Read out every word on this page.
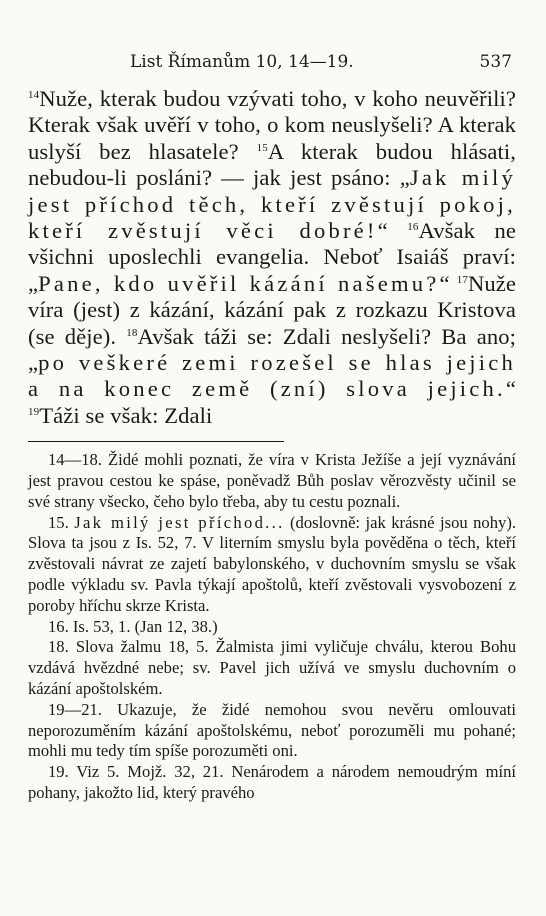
List Římanům 10, 14—19.	537

$^{14}$Nuže, kterak budou vzývati toho, v koho neuvěřili? Kterak však uvěří v toho, o kom neuslyšeli? A kterak uslyší bez hlasatele? $^{15}$A kterak budou hlásati, nebudou-li posláni? — jak jest psáno: „Jak milý jest příchod těch, kteří zvěstují pokoj, kteří zvěstují věci dobré!“ $^{16}$Avšak ne všichni uposlechli evangelia. Neboť Isaiáš praví: „Pane, kdo uvěřil kázání našemu?“ $^{17}$Nuže víra (jest) z kázání, kázání pak z rozkazu Kristova (se děje). $^{18}$Avšak táži se: Zdali neslyšeli? Ba ano; „po veškeré zemi rozešel se hlas jejich a na konec země (zní) slova jejich.“ $^{19}$Táži se však: Zdali

14—18. Židé mohli poznati, že víra v Krista Ježíše a její vyznávání jest pravou cestou ke spáse, poněvadž Bůh poslav věrozvěsty učinil se své strany všecko, čeho bylo třeba, aby tu cestu poznali.

15. Jak milý jest příchod... (doslovně: jak krásné jsou nohy). Slova ta jsou z Is. 52, 7. V literním smyslu byla pověděna o těch, kteří zvěstovali návrat ze zajetí babylonského, v duchovním smyslu se však podle výkladu sv. Pavla týkají apoštolů, kteří zvěstovali vysvobození z poroby hříchu skrze Krista.

16. Is. 53, 1. (Jan 12, 38.)

18. Slova žalmu 18, 5. Žalmista jimi vyličuje chválu, kterou Bohu vzdává hvězdné nebe; sv. Pavel jich užívá ve smyslu duchovním o kázání apoštolském.

19—21. Ukazuje, že židé nemohou svou nevěru omlouvati neporozuměním kázání apoštolskému, neboť porozuměli mu pohané; mohli mu tedy tím spíše porozuměti oni.

19. Viz 5. Mojž. 32, 21. Nenárodem a národem nemoudrým míní pohany, jakožto lid, který pravého
